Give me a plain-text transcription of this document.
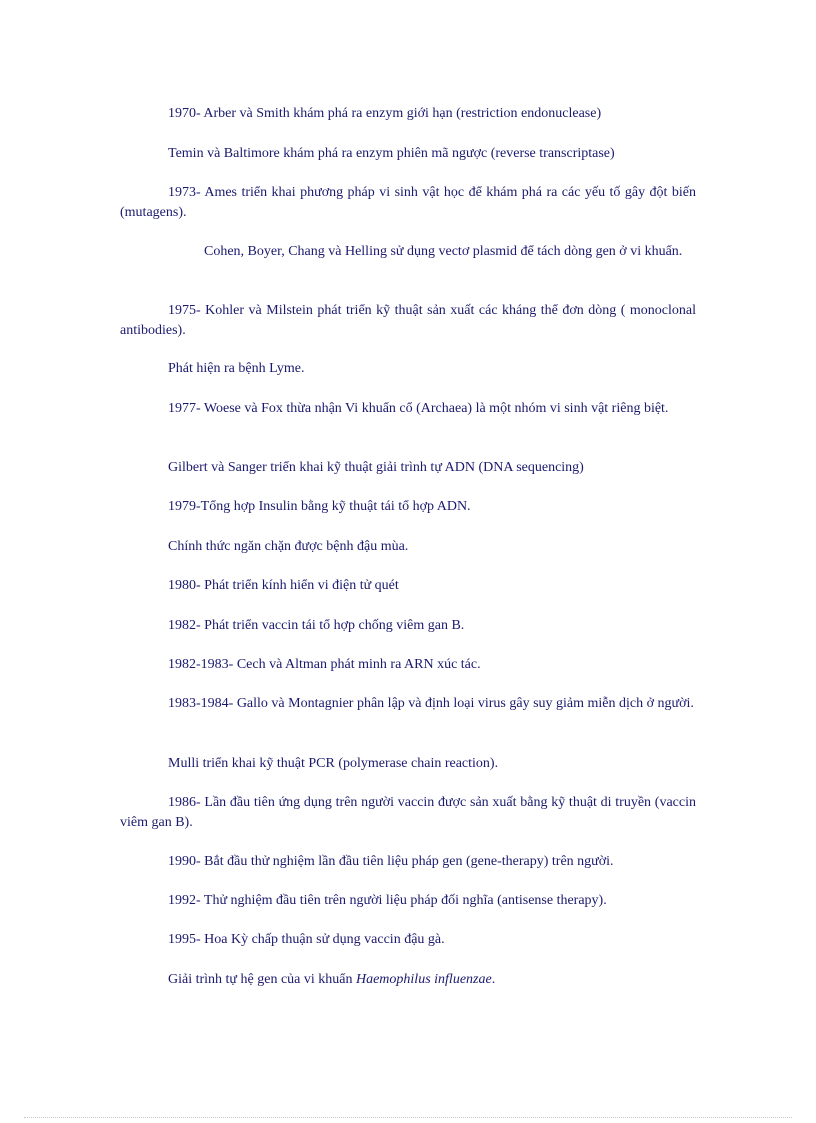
1970- Arber và Smith khám phá ra enzym giới hạn (restriction endonuclease)

Temin và Baltimore khám phá ra enzym phiên mã ngược (reverse transcriptase)

1973- Ames triển khai phương pháp vi sinh vật học để khám phá ra các yếu tố gây đột biến (mutagens).

Cohen, Boyer, Chang và Helling sử dụng vectơ plasmid để tách dòng gen ở vi khuẩn.

1975- Kohler và Milstein phát triển kỹ thuật sản xuất các kháng thể đơn dòng ( monoclonal antibodies).

Phát hiện ra bệnh Lyme.

1977- Woese và Fox thừa nhận Vi khuẩn cổ (Archaea) là một nhóm vi sinh vật riêng biệt.

Gilbert và Sanger triển khai kỹ thuật giải trình tự ADN (DNA sequencing)

1979-Tổng hợp Insulin bằng kỹ thuật tái tổ hợp ADN.

Chính thức ngăn chặn được bệnh đậu mùa.

1980- Phát triển kính hiển vi điện tử quét

1982- Phát triển vaccin tái tổ hợp chống viêm gan B.

1982-1983- Cech và Altman phát minh ra ARN xúc tác.

1983-1984- Gallo và Montagnier phân lập và định loại virus gây suy giảm miễn dịch ở người.

Mulli triển khai kỹ thuật PCR (polymerase chain reaction).

1986- Lần đầu tiên ứng dụng trên người vaccin được sản xuất bằng kỹ thuật di truyền (vaccin viêm gan B).

1990- Bắt đầu thử nghiệm lần đầu tiên liệu pháp gen (gene-therapy) trên người.

1992- Thử nghiệm đầu tiên trên người liệu pháp đối nghĩa (antisense therapy).

1995- Hoa Kỳ chấp thuận sử dụng vaccin đậu gà.

Giải trình tự hệ gen của vi khuẩn Haemophilus influenzae.
